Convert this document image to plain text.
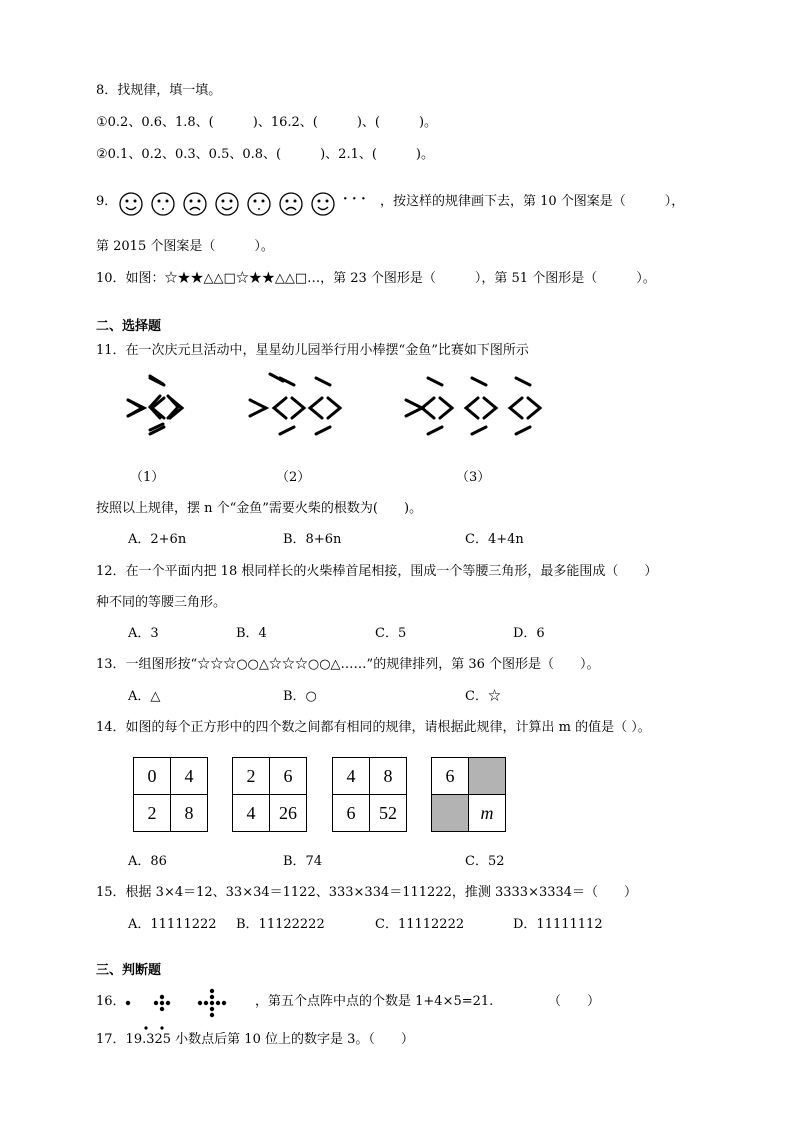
8．找规律，填一填。
①0.2、0.6、1.8、(　　　)、16.2、(　　　)、(　　　)。
②0.1、0.2、0.3、0.5、0.8、(　　　)、2.1、(　　　)。
9．	· · · ，按这样的规律画下去，第 10 个图案是（　　　），
第 2015 个图案是（　　　）。
10．如图：☆★★△△□☆★★△△□…，第 23 个图形是（　　　），第 51 个图形是（　　　）。
二、选择题
11．在一次庆元旦活动中，星星幼儿园举行用小棒摆“金鱼”比赛如下图所示
（1）	（2）	（3）
按照以上规律，摆 n 个“金鱼”需要火柴的根数为(　　)。
A．2+6n	B．8+6n	C．4+4n
12．在一个平面内把 18 根同样长的火柴棒首尾相接，围成一个等腰三角形，最多能围成（　　）
种不同的等腰三角形。
A．3	B．4	C．5	D．6
13．一组图形按“☆☆☆○○△☆☆☆○○△……”的规律排列，第 36 个图形是（　　）。
A．△	B．○	C．☆
14．如图的每个正方形中的四个数之间都有相同的规律，请根据此规律，计算出 m 的值是（ ）。
0	4
2	8
2	6
4	26
4	8
6	52
6	
	m
A．86	B．74	C．52
15．根据 3×4＝12、33×34＝1122、333×334＝111222，推测 3333×3334＝（　　）
A．11111222 B．11122222	C．11112222	D．11111112
三、判断题
16．	，第五个点阵中点的个数是 1+4×5=21.	（　　）
17．19.325 小数点后第 10 位上的数字是 3。（　　）
